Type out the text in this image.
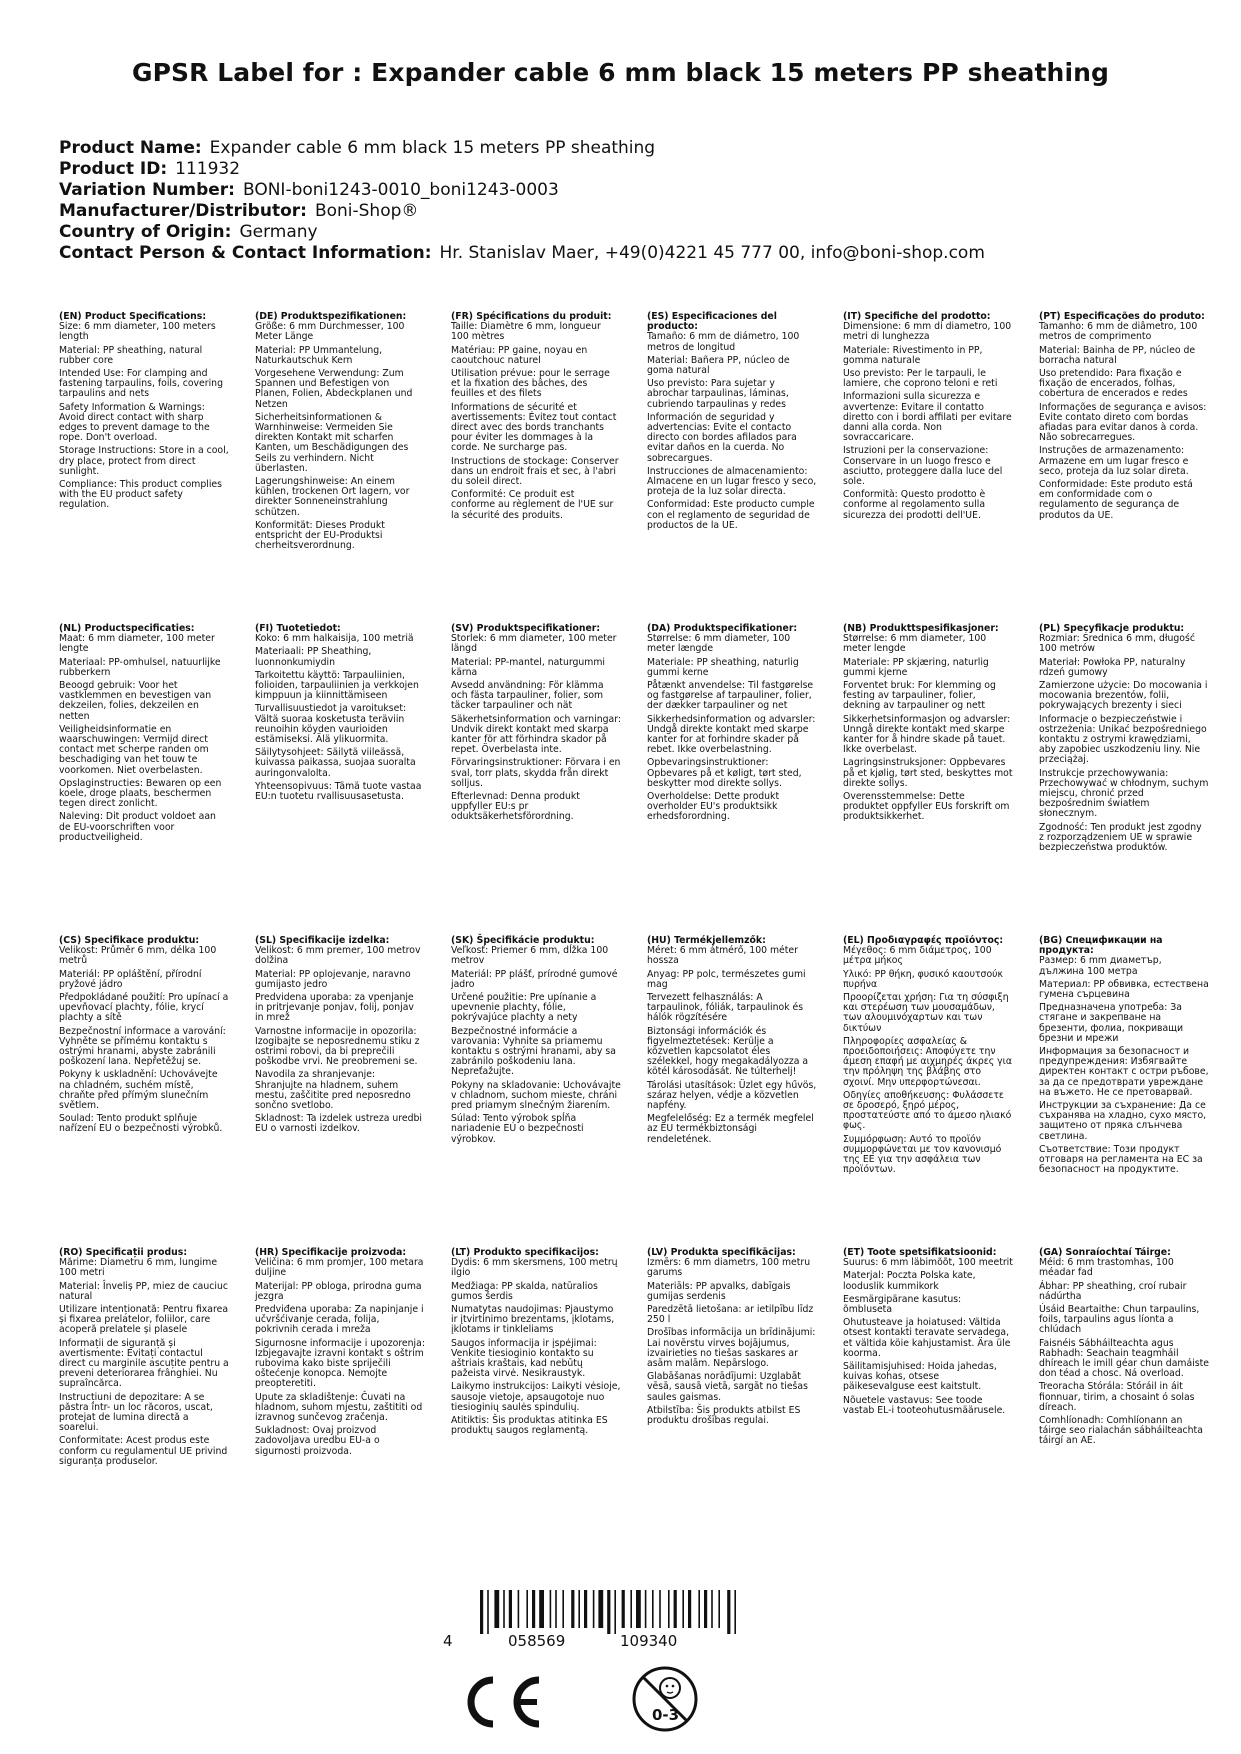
GPSR Label for : Expander cable 6 mm black 15 meters PP sheathing
Product Name: Expander cable 6 mm black 15 meters PP sheathing
Product ID: 111932
Variation Number: BONI-boni1243-0010_boni1243-0003
Manufacturer/Distributor: Boni-Shop®
Country of Origin: Germany
Contact Person & Contact Information: Hr. Stanislav Maer, +49(0)4221 45 777 00, info@boni-shop.com
(EN) Product Specifications:
Size: 6 mm diameter, 100 meters length
Material: PP sheathing, natural rubber core
Intended Use: For clamping and fastening tarpaulins, foils, covering tarpaulins and nets
Safety Information & Warnings: Avoid direct contact with sharp edges to prevent damage to the rope. Don't overload.
Storage Instructions: Store in a cool, dry place, protect from direct sunlight.
Compliance: This product complies with the EU product safety regulation.
(DE) Produktspezifikationen:
Größe: 6 mm Durchmesser, 100 Meter Länge
Material: PP Ummantelung, Naturkautschuk Kern
Vorgesehene Verwendung: Zum Spannen und Befestigen von Planen, Folien, Abdeckplanen und Netzen
Sicherheitsinformationen & Warnhinweise: Vermeiden Sie direkten Kontakt mit scharfen Kanten, um Beschädigungen des Seils zu verhindern. Nicht überlasten.
Lagerungshinweise: An einem kühlen, trockenen Ort lagern, vor direkter Sonneneinstrahlung schützen.
Konformität: Dieses Produkt entspricht der EU-Produktsi cherheitsverordnung.
(FR) Spécifications du produit:
Taille: Diamètre 6 mm, longueur 100 mètres
Matériau: PP gaine, noyau en caoutchouc naturel
Utilisation prévue: pour le serrage et la fixation des bâches, des feuilles et des filets
Informations de sécurité et avertissements: Évitez tout contact direct avec des bords tranchants pour éviter les dommages à la corde. Ne surcharge pas.
Instructions de stockage: Conserver dans un endroit frais et sec, à l'abri du soleil direct.
Conformité: Ce produit est conforme au règlement de l'UE sur la sécurité des produits.
(ES) Especificaciones del producto:
Tamaño: 6 mm de diámetro, 100 metros de longitud
Material: Bañera PP, núcleo de goma natural
Uso previsto: Para sujetar y abrochar tarpaulinas, láminas, cubriendo tarpaulinas y redes
Información de seguridad y advertencias: Evite el contacto directo con bordes afilados para evitar daños en la cuerda. No sobrecargues.
Instrucciones de almacenamiento: Almacene en un lugar fresco y seco, proteja de la luz solar directa.
Conformidad: Este producto cumple con el reglamento de seguridad de productos de la UE.
(IT) Specifiche del prodotto:
Dimensione: 6 mm di diametro, 100 metri di lunghezza
Materiale: Rivestimento in PP, gomma naturale
Uso previsto: Per le tarpauli, le lamiere, che coprono teloni e reti
Informazioni sulla sicurezza e avvertenze: Evitare il contatto diretto con i bordi affilati per evitare danni alla corda. Non sovraccaricare.
Istruzioni per la conservazione: Conservare in un luogo fresco e asciutto, proteggere dalla luce del sole.
Conformità: Questo prodotto è conforme al regolamento sulla sicurezza dei prodotti dell'UE.
(PT) Especificações do produto:
Tamanho: 6 mm de diâmetro, 100 metros de comprimento
Material: Bainha de PP, núcleo de borracha natural
Uso pretendido: Para fixação e fixação de encerados, folhas, cobertura de encerados e redes
Informações de segurança e avisos: Evite contato direto com bordas afiadas para evitar danos à corda. Não sobrecarregues.
Instruções de armazenamento: Armazene em um lugar fresco e seco, proteja da luz solar direta.
Conformidade: Este produto está em conformidade com o regulamento de segurança de produtos da UE.
(NL) Productspecificaties:
Maat: 6 mm diameter, 100 meter lengte
Materiaal: PP-omhulsel, natuurlijke rubberkern
Beoogd gebruik: Voor het vastklemmen en bevestigen van dekzeilen, folies, dekzeilen en netten
Veiligheidsinformatie en waarschuwingen: Vermijd direct contact met scherpe randen om beschadiging van het touw te voorkomen. Niet overbelasten.
Opslaginstructies: Bewaren op een koele, droge plaats, beschermen tegen direct zonlicht.
Naleving: Dit product voldoet aan de EU-voorschriften voor productveiligheid.
(FI) Tuotetiedot:
Koko: 6 mm halkaisija, 100 metriä
Materiaali: PP Sheathing, luonnonkumiydin
Tarkoitettu käyttö: Tarpauliinien, folioiden, tarpauliinien ja verkkojen kimppuun ja kiinnittämiseen
Turvallisuustiedot ja varoitukset: Vältä suoraa kosketusta teräviin reunoihin köyden vaurioiden estämiseksi. Älä ylikuormita.
Säilytysohjeet: Säilytä viileässä, kuivassa paikassa, suojaa suoralta auringonvalolta.
Yhteensopivuus: Tämä tuote vastaa EU:n tuotetu rvallisuusasetusta.
(SV) Produktspecifikationer:
Storlek: 6 mm diameter, 100 meter längd
Material: PP-mantel, naturgummi kärna
Avsedd användning: För klämma och fästa tarpauliner, folier, som täcker tarpauliner och nät
Säkerhetsinformation och varningar: Undvik direkt kontakt med skarpa kanter för att förhindra skador på repet. Överbelasta inte.
Förvaringsinstruktioner: Förvara i en sval, torr plats, skydda från direkt solljus.
Efterlevnad: Denna produkt uppfyller EU:s pr oduktsäkerhetsförordning.
(DA) Produktspecifikationer:
Størrelse: 6 mm diameter, 100 meter længde
Materiale: PP sheathing, naturlig gummi kerne
Påtænkt anvendelse: Til fastgørelse og fastgørelse af tarpauliner, folier, der dækker tarpauliner og net
Sikkerhedsinformation og advarsler: Undgå direkte kontakt med skarpe kanter for at forhindre skader på rebet. Ikke overbelastning.
Opbevaringsinstruktioner: Opbevares på et køligt, tørt sted, beskytter mod direkte sollys.
Overholdelse: Dette produkt overholder EU's produktsikk erhedsforordning.
(NB) Produkttspesifikasjoner:
Størrelse: 6 mm diameter, 100 meter lengde
Materiale: PP skjæring, naturlig gummi kjerne
Forventet bruk: For klemming og festing av tarpauliner, folier, dekning av tarpauliner og nett
Sikkerhetsinformasjon og advarsler: Unngå direkte kontakt med skarpe kanter for å hindre skade på tauet. Ikke overbelast.
Lagringsinstruksjoner: Oppbevares på et kjølig, tørt sted, beskyttes mot direkte sollys.
Overensstemmelse: Dette produktet oppfyller EUs forskrift om produktsikkerhet.
(PL) Specyfikacje produktu:
Rozmiar: Średnica 6 mm, długość 100 metrów
Materiał: Powłoka PP, naturalny rdzeń gumowy
Zamierzone użycie: Do mocowania i mocowania brezentów, folii, pokrywających brezenty i sieci
Informacje o bezpieczeństwie i ostrzeżenia: Unikać bezpośredniego kontaktu z ostrymi krawędziami, aby zapobiec uszkodzeniu liny. Nie przeciążaj.
Instrukcje przechowywania: Przechowywać w chłodnym, suchym miejscu, chronić przed bezpośrednim światłem słonecznym.
Zgodność: Ten produkt jest zgodny z rozporządzeniem UE w sprawie bezpieczeństwa produktów.
(CS) Specifikace produktu:
Velikost: Průměr 6 mm, délka 100 metrů
Materiál: PP opláštění, přírodní pryžové jádro
Předpokládané použití: Pro upínací a upevňovací plachty, fólie, krycí plachty a sítě
Bezpečnostní informace a varování: Vyhněte se přímému kontaktu s ostrými hranami, abyste zabránili poškození lana. Nepřetěžuj se.
Pokyny k uskladnění: Uchovávejte na chladném, suchém místě, chraňte před přímým slunečním světlem.
Soulad: Tento produkt splňuje nařízení EU o bezpečnosti výrobků.
(SL) Specifikacije izdelka:
Velikost: 6 mm premer, 100 metrov dolžina
Material: PP oplojevanje, naravno gumijasto jedro
Predvidena uporaba: za vpenjanje in pritrjevanje ponjav, folij, ponjav in mrež
Varnostne informacije in opozorila: Izogibajte se neposrednemu stiku z ostrimi robovi, da bi preprečili poškodbe vrvi. Ne preobremeni se.
Navodila za shranjevanje: Shranjujte na hladnem, suhem mestu, zaščitite pred neposredno sončno svetlobo.
Skladnost: Ta izdelek ustreza uredbi EU o varnosti izdelkov.
(SK) Špecifikácie produktu:
Veľkosť: Priemer 6 mm, dĺžka 100 metrov
Materiál: PP plášť, prírodné gumové jadro
Určené použitie: Pre upínanie a upevnenie plachty, fólie, pokrývajúce plachty a nety
Bezpečnostné informácie a varovania: Vyhnite sa priamemu kontaktu s ostrými hranami, aby sa zabránilo poškodeniu lana. Nepreťažujte.
Pokyny na skladovanie: Uchovávajte v chladnom, suchom mieste, chráni pred priamym slnečným žiarením.
Súlad: Tento výrobok spĺňa nariadenie EÚ o bezpečnosti výrobkov.
(HU) Termékjellemzők:
Méret: 6 mm átmérő, 100 méter hossza
Anyag: PP polc, természetes gumi mag
Tervezett felhasználás: A tarpaulinok, fóliák, tarpaulinok és hálók rögzítésére
Biztonsági információk és figyelmeztetések: Kerülje a közvetlen kapcsolatot éles szélekkel, hogy megakadályozza a kötél károsodását. Ne túlterhelj!
Tárolási utasítások: Üzlet egy hűvös, száraz helyen, védje a közvetlen napfény.
Megfelelőség: Ez a termék megfelel az EU termékbiztonsági rendeletének.
(EL) Προδιαγραφές προϊόντος:
Μέγεθος: 6 mm διάμετρος, 100 μέτρα μήκος
Υλικό: PP θήκη, φυσικό καουτσούκ πυρήνα
Προορίζεται χρήση: Για τη σύσφιξη και στερέωση των μουσαμάδων, των αλουμινόχαρτων και των δικτύων
Πληροφορίες ασφαλείας & προειδοποιήσεις: Αποφύγετε την άμεση επαφή με αιχμηρές άκρες για την πρόληψη της βλάβης στο σχοινί. Μην υπερφορτώνεσαι.
Οδηγίες αποθήκευσης: Φυλάσσετε σε δροσερό, ξηρό μέρος, προστατεύστε από το άμεσο ηλιακό φως.
Συμμόρφωση: Αυτό το προϊόν συμμορφώνεται με τον κανονισμό της ΕΕ για την ασφάλεια των προϊόντων.
(BG) Спецификации на продукта:
Размер: 6 mm диаметър, дължина 100 метра
Материал: PP обвивка, естествена гумена сърцевина
Предназначена употреба: За стягане и закрепване на брезенти, фолиа, покриващи брезни и мрежи
Информация за безопасност и предупреждения: Избягвайте директен контакт с остри ръбове, за да се предотврати увреждане на въжето. Не се претоварвай.
Инструкции за съхранение: Да се съхранява на хладно, сухо място, защитено от пряка слънчева светлина.
Съответствие: Този продукт отговаря на регламента на ЕС за безопасност на продуктите.
(RO) Specificații produs:
Mărime: Diametru 6 mm, lungime 100 metri
Material: Înveliș PP, miez de cauciuc natural
Utilizare intenționată: Pentru fixarea și fixarea prelatelor, foliilor, care acoperă prelatele și plasele
Informații de siguranță și avertismente: Evitați contactul direct cu marginile ascuțite pentru a preveni deteriorarea frânghiei. Nu supraîncărca.
Instrucțiuni de depozitare: A se păstra într- un loc răcoros, uscat, protejat de lumina directă a soarelui.
Conformitate: Acest produs este conform cu regulamentul UE privind siguranța produselor.
(HR) Specifikacije proizvoda:
Veličina: 6 mm promjer, 100 metara duljine
Materijal: PP obloga, prirodna guma jezgra
Predviđena uporaba: Za napinjanje i učvršćivanje cerada, folija, pokrivnih cerada i mreža
Sigurnosne informacije i upozorenja: Izbjegavajte izravni kontakt s oštrim rubovima kako biste spriječili oštećenje konopca. Nemojte preopteretiti.
Upute za skladištenje: Čuvati na hladnom, suhom mjestu, zaštititi od izravnog sunčevog zračenja.
Sukladnost: Ovaj proizvod zadovoljava uredbu EU-a o sigurnosti proizvoda.
(LT) Produkto specifikacijos:
Dydis: 6 mm skersmens, 100 metrų ilgio
Medžiaga: PP skalda, natūralios gumos šerdis
Numatytas naudojimas: Pjaustymo ir įtvirtinimo brezentams, įklotams, įklotams ir tinkleliams
Saugos informacija ir įspėjimai: Venkite tiesioginio kontakto su aštriais kraštais, kad nebūtų pažeista virvė. Nesikraustyk.
Laikymo instrukcijos: Laikyti vėsioje, sausoje vietoje, apsaugotoje nuo tiesioginių saulės spindulių.
Atitiktis: Šis produktas atitinka ES produktų saugos reglamentą.
(LV) Produkta specifikācijas:
Izmērs: 6 mm diametrs, 100 metru garums
Materiāls: PP apvalks, dabīgais gumijas serdenis
Paredzētā lietošana: ar ietilpību līdz 250 l
Drošības informācija un brīdinājumi: Lai novērstu virves bojājumus, izvairieties no tiešas saskares ar asām malām. Nepārslogo.
Glabāšanas norādījumi: Uzglabāt vēsā, sausā vietā, sargāt no tiešas saules gaismas.
Atbilstība: Šis produkts atbilst ES produktu drošības regulai.
(ET) Toote spetsifikatsioonid:
Suurus: 6 mm läbimõõt, 100 meetrit
Materjal: Poczta Polska kate, looduslik kummikork
Eesmärgipärane kasutus: õmbluseta
Ohutusteave ja hoiatused: Vältida otsest kontakti teravate servadega, et vältida köie kahjustamist. Ära üle koorma.
Säilitamisjuhised: Hoida jahedas, kuivas kohas, otsese päikesevalguse eest kaitstult.
Nõuetele vastavus: See toode vastab EL-i tooteohutusmäärusele.
(GA) Sonraíochtaí Táirge:
Méid: 6 mm trastomhas, 100 méadar fad
Ábhar: PP sheathing, croí rubair nádúrtha
Úsáid Beartaithe: Chun tarpaulins, foils, tarpaulins agus líonta a chlúdach
Faisnéis Sábháilteachta agus Rabhadh: Seachain teagmháil dhíreach le imill géar chun damáiste don téad a chosc. Ná overload.
Treoracha Stórála: Stóráil in áit fionnuar, tirim, a chosaint ó solas díreach.
Comhlíonadh: Comhlíonann an táirge seo rialachán sábháilteachta táirgí an AE.
4	058569	109340
0-3
